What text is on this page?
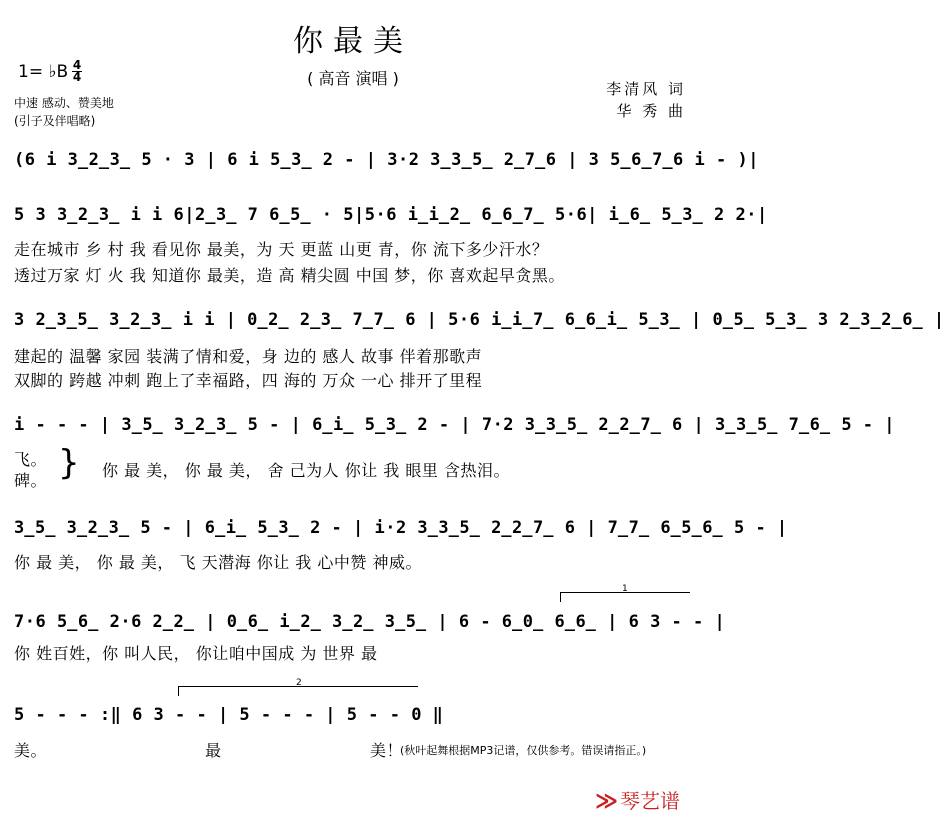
你最美
( 高音 演唱 )
1= ♭B 4
4
中速 感动、赞美地
(引子及伴唱略)
李清风 词
华 秀 曲
(6 i 3̲2̲3̲ 5 · 3 | 6 i 5̲3̲ 2 - | 3·2 3̲3̲5̲ 2̲7̲6 | 3 5̲6̲7̲6 i - )|
5 3 3̲2̲3̲ i i 6|2̲3̲ 7 6̲5̲ · 5|5·6 i̲i̲2̲ 6̲6̲7̲ 5·6| i̲6̲ 5̲3̲ 2 2·|
走在城市 乡 村 我 看见你 最美，为 天 更蓝 山更 青，你 流下多少汗水？
透过万家 灯 火 我 知道你 最美，造 高 精尖圆 中国 梦，你 喜欢起早贪黑。
3 2̲3̲5̲ 3̲2̲3̲ i i | 0̲2̲ 2̲3̲ 7̲7̲ 6 | 5·6 i̲i̲7̲ 6̲6̲i̲ 5̲3̲ | 0̲5̲ 5̲3̲ 3 2̲3̲2̲6̲ |
建起的 温馨 家园 装满了情和爱，身 边的 感人 故事 伴着那歌声
双脚的 跨越 冲刺 跑上了幸福路，四 海的 万众 一心 排开了里程
i - - - | 3̲5̲ 3̲2̲3̲ 5 - | 6̲i̲ 5̲3̲ 2 - | 7·2 3̲3̲5̲ 2̲2̲7̲ 6 | 3̲3̲5̲ 7̲6̲ 5 - |
飞。
碑。 } 你 最 美， 你 最 美， 舍 己为人 你让 我 眼里 含热泪。
3̲5̲ 3̲2̲3̲ 5 - | 6̲i̲ 5̲3̲ 2 - | i·2 3̲3̲5̲ 2̲2̲7̲ 6 | 7̲7̲ 6̲5̲6̲ 5 - |
你 最 美， 你 最 美， 飞 天潜海 你让 我 心中赞 神威。
1
7·6 5̲6̲ 2·6 2̲2̲ | 0̲6̲ i̲2̲ 3̲2̲ 3̲5̲ | 6 - 6̲0̲ 6̲6̲ | 6 3 - - |
你 姓百姓，你 叫人民， 你让咱中国成 为 世界 最
2
5 - - - :‖ 6 3 - - | 5 - - - | 5 - - 0 ‖
美。	最	美！
(秋叶起舞根据MP3记谱，仅供参考。错误请指正。)
≫ 琴艺谱
